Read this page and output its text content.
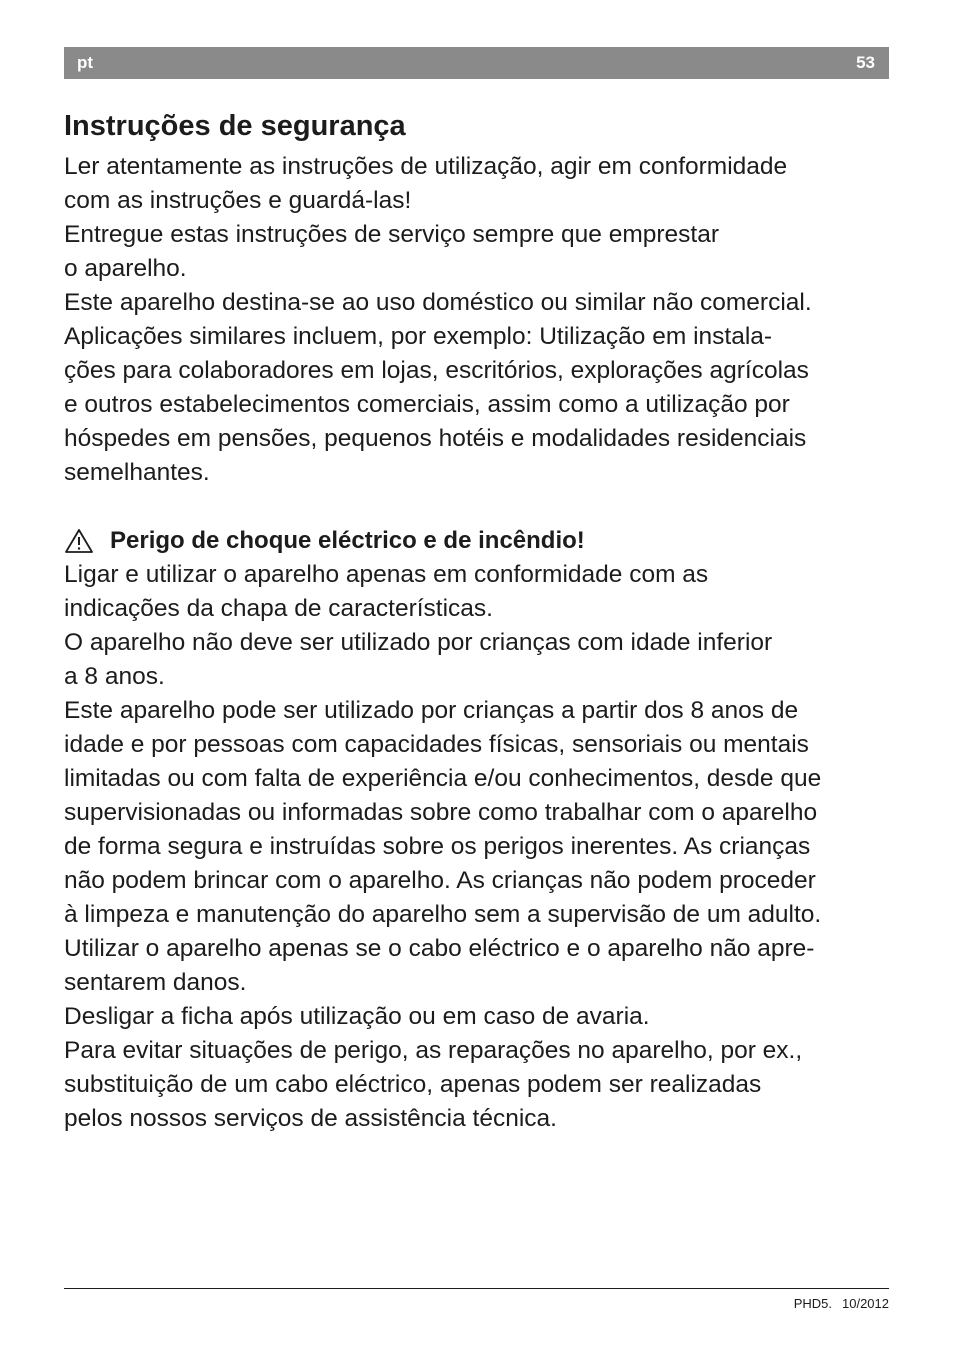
pt	53
Instruções de segurança
Ler atentamente as instruções de utilização, agir em conformidade
com as instruções e guardá-las!
Entregue estas instruções de serviço sempre que emprestar
o aparelho.
Este aparelho destina-se ao uso doméstico ou similar não comercial.
Aplicações similares incluem, por exemplo: Utilização em instala-
ções para colaboradores em lojas, escritórios, explorações agrícolas
e outros estabelecimentos comerciais, assim como a utilização por
hóspedes em pensões, pequenos hotéis e modalidades residenciais
semelhantes.
Perigo de choque eléctrico e de incêndio!
Ligar e utilizar o aparelho apenas em conformidade com as
indicações da chapa de características.
O aparelho não deve ser utilizado por crianças com idade inferior
a 8 anos.
Este aparelho pode ser utilizado por crianças a partir dos 8 anos de
idade e por pessoas com capacidades físicas, sensoriais ou mentais
limitadas ou com falta de experiência e/ou conhecimentos, desde que
supervisionadas ou informadas sobre como trabalhar com o aparelho
de forma segura e instruídas sobre os perigos inerentes. As crianças
não podem brincar com o aparelho. As crianças não podem proceder
à limpeza e manutenção do aparelho sem a supervisão de um adulto.
Utilizar o aparelho apenas se o cabo eléctrico e o aparelho não apre-
sentarem danos.
Desligar a ficha após utilização ou em caso de avaria.
Para evitar situações de perigo, as reparações no aparelho, por ex.,
substituição de um cabo eléctrico, apenas podem ser realizadas
pelos nossos serviços de assistência técnica.
PHD5. 10/2012
